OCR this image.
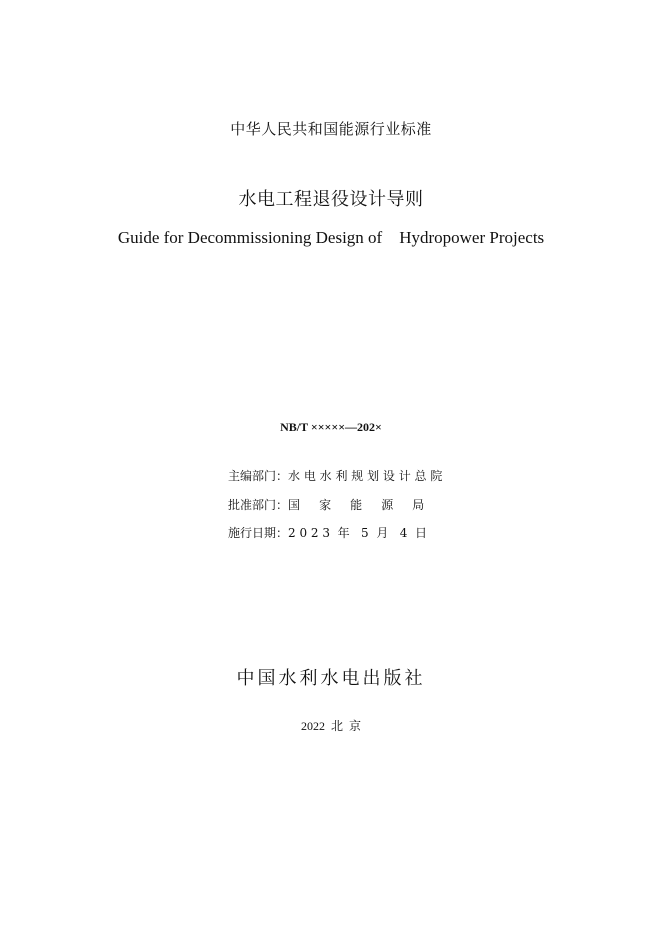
中华人民共和国能源行业标准
水电工程退役设计导则
Guide for Decommissioning Design of    Hydropower Projects
NB/T ×××××—202×
主编部门：水 电 水 利 规 划 设 计 总 院
批准部门：国     家     能     源     局
施行日期：2 0 2 3  年   5  月   4  日
中国水利水电出版社
2022  北  京
